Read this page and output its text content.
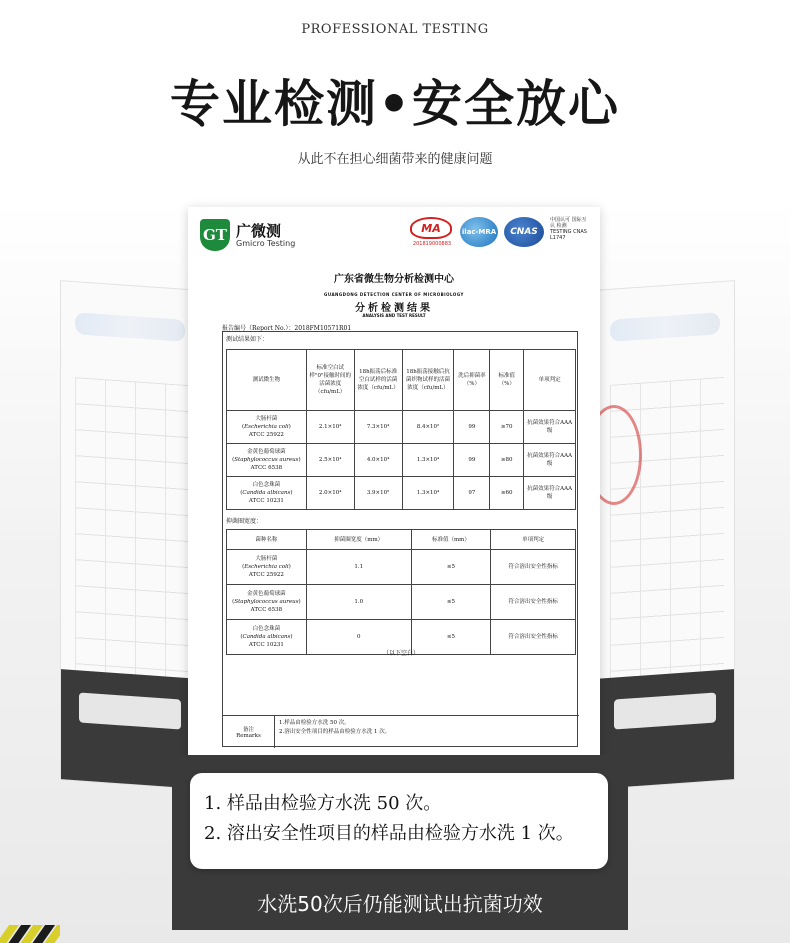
PROFESSIONAL TESTING
专业检测•安全放心
从此不在担心细菌带来的健康问题
GT 广微测
Gmicro Testing
MA
201819000883
ilac-MRA	CNAS
中国认可 国际互认 检测 TESTING CNAS L1747
广东省微生物分析检测中心
GUANGDONG DETECTION CENTER OF MICROBIOLOGY
分析检测结果
ANALYSIS AND TEST RESULT
报告编号（Report No.）：2018FM10571R01
测试结果如下：
测试微生物	标准空白试样"0"接触时间的活菌浓度（cfu/mL）	18h振荡后标准空白试样的活菌浓度（cfu/mL）	18h振荡接触后抗菌织物试样的活菌浓度（cfu/mL）	洗后抑菌率（%）	标准值（%）	单项判定
大肠杆菌
(Escherichia coli)
ATCC 25922	2.1×10⁴	7.3×10⁴	8.4×10²	99	≥70	抗菌效果符合AAA级
金黄色葡萄球菌
(Staphylococcus aureus)
ATCC 6538	2.5×10⁴	4.0×10⁴	1.3×10⁴	99	≥80	抗菌效果符合AAA级
白色念珠菌
(Candida albicans)
ATCC 10231	2.0×10⁴	3.9×10⁵	1.3×10⁴	97	≥60	抗菌效果符合AAA级
抑菌圈宽度：
菌种名称	抑菌圈宽度（mm）	标准值（mm）	单项判定
大肠杆菌
(Escherichia coli)
ATCC 25922	1.1	≤5	符合溶出安全性指标
金黄色葡萄球菌
(Staphylococcus aureus)
ATCC 6538	1.0	≤5	符合溶出安全性指标
白色念珠菌
(Candida albicans)
ATCC 10231	0	≤5	符合溶出安全性指标
（以下空白）
备注
Remarks
1.样品由检验方水洗 50 次。
2.溶出安全性项目的样品由检验方水洗 1 次。

1. 样品由检验方水洗 50 次。

2. 溶出安全性项目的样品由检验方水洗 1 次。

水洗50次后仍能测试出抗菌功效
